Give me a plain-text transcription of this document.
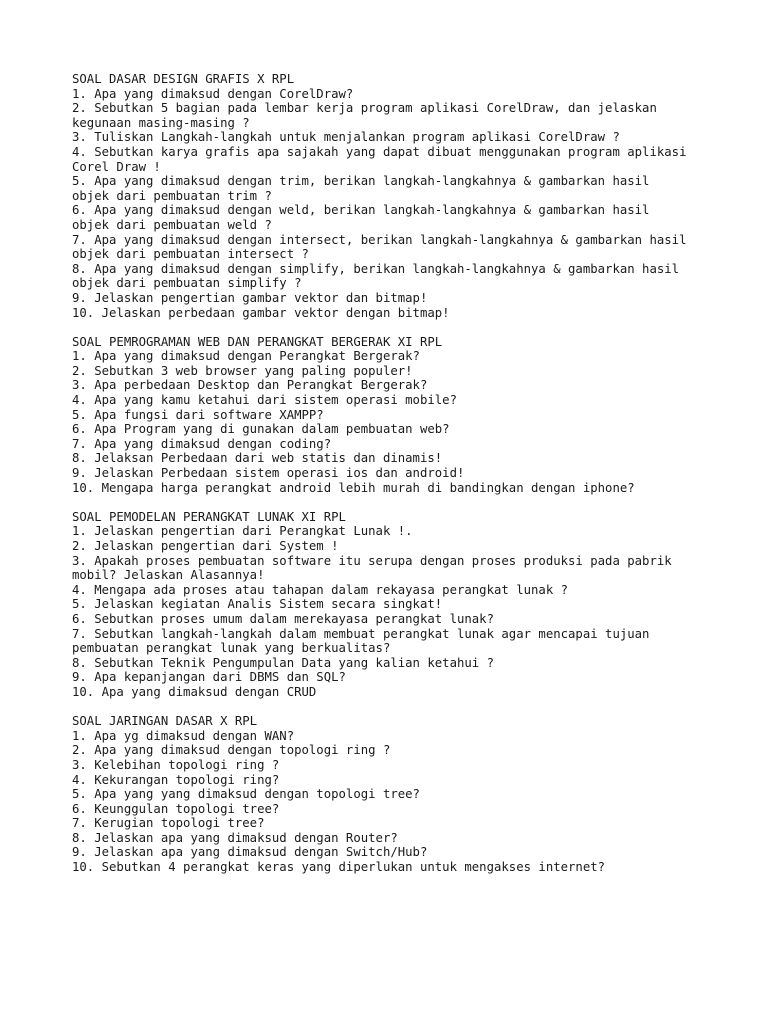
SOAL DASAR DESIGN GRAFIS X RPL
1. Apa yang dimaksud dengan CorelDraw?
2. Sebutkan 5 bagian pada lembar kerja program aplikasi CorelDraw, dan jelaskan
kegunaan masing-masing ?
3. Tuliskan Langkah-langkah untuk menjalankan program aplikasi CorelDraw ?
4. Sebutkan karya grafis apa sajakah yang dapat dibuat menggunakan program aplikasi
Corel Draw !
5. Apa yang dimaksud dengan trim, berikan langkah-langkahnya & gambarkan hasil
objek dari pembuatan trim ?
6. Apa yang dimaksud dengan weld, berikan langkah-langkahnya & gambarkan hasil
objek dari pembuatan weld ?
7. Apa yang dimaksud dengan intersect, berikan langkah-langkahnya & gambarkan hasil
objek dari pembuatan intersect ?
8. Apa yang dimaksud dengan simplify, berikan langkah-langkahnya & gambarkan hasil
objek dari pembuatan simplify ?
9. Jelaskan pengertian gambar vektor dan bitmap!
10. Jelaskan perbedaan gambar vektor dengan bitmap!
SOAL PEMROGRAMAN WEB DAN PERANGKAT BERGERAK XI RPL
1. Apa yang dimaksud dengan Perangkat Bergerak?
2. Sebutkan 3 web browser yang paling populer!
3. Apa perbedaan Desktop dan Perangkat Bergerak?
4. Apa yang kamu ketahui dari sistem operasi mobile?
5. Apa fungsi dari software XAMPP?
6. Apa Program yang di gunakan dalam pembuatan web?
7. Apa yang dimaksud dengan coding?
8. Jelaksan Perbedaan dari web statis dan dinamis!
9. Jelaskan Perbedaan sistem operasi ios dan android!
10. Mengapa harga perangkat android lebih murah di bandingkan dengan iphone?
SOAL PEMODELAN PERANGKAT LUNAK XI RPL
1. Jelaskan pengertian dari Perangkat Lunak !.
2. Jelaskan pengertian dari System !
3. Apakah proses pembuatan software itu serupa dengan proses produksi pada pabrik
mobil? Jelaskan Alasannya!
4. Mengapa ada proses atau tahapan dalam rekayasa perangkat lunak ?
5. Jelaskan kegiatan Analis Sistem secara singkat!
6. Sebutkan proses umum dalam merekayasa perangkat lunak?
7. Sebutkan langkah-langkah dalam membuat perangkat lunak agar mencapai tujuan
pembuatan perangkat lunak yang berkualitas?
8. Sebutkan Teknik Pengumpulan Data yang kalian ketahui ?
9. Apa kepanjangan dari DBMS dan SQL?
10. Apa yang dimaksud dengan CRUD
SOAL JARINGAN DASAR X RPL
1. Apa yg dimaksud dengan WAN?
2. Apa yang dimaksud dengan topologi ring ?
3. Kelebihan topologi ring ?
4. Kekurangan topologi ring?
5. Apa yang yang dimaksud dengan topologi tree?
6. Keunggulan topologi tree?
7. Kerugian topologi tree?
8. Jelaskan apa yang dimaksud dengan Router?
9. Jelaskan apa yang dimaksud dengan Switch/Hub?
10. Sebutkan 4 perangkat keras yang diperlukan untuk mengakses internet?
